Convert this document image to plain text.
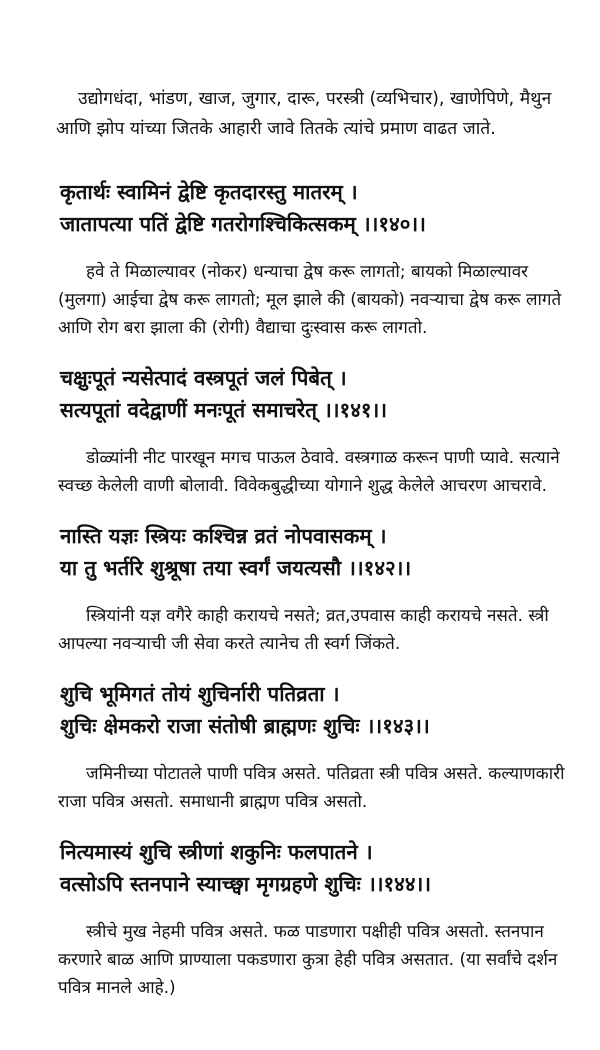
उद्योगधंदा, भांडण, खाज, जुगार, दारू, परस्त्री (व्यभिचार), खाणेपिणे, मैथुन आणि झोप यांच्या जितके आहारी जावे तितके त्यांचे प्रमाण वाढत जाते.

कृतार्थः स्वामिनं द्वेष्टि कृतदारस्तु मातरम् ।
जातापत्या पतिं द्वेष्टि गतरोगश्चिकित्सकम् ।।१४०।।

हवे ते मिळाल्यावर (नोकर) धन्याचा द्वेष करू लागतो; बायको मिळाल्यावर (मुलगा) आईचा द्वेष करू लागतो; मूल झाले की (बायको) नवऱ्याचा द्वेष करू लागते आणि रोग बरा झाला की (रोगी) वैद्याचा दुःस्वास करू लागतो.

चक्षुःपूतं न्यसेत्पादं वस्त्रपूतं जलं पिबेत् ।
सत्यपूतां वदेद्वाणीं मनःपूतं समाचरेत् ।।१४१।।

डोळ्यांनी नीट पारखून मगच पाऊल ठेवावे. वस्त्रगाळ करून पाणी प्यावे. सत्याने स्वच्छ केलेली वाणी बोलावी. विवेकबुद्धीच्या योगाने शुद्ध केलेले आचरण आचरावे.

नास्ति यज्ञः स्त्रियः कश्चिन्न व्रतं नोपवासकम् ।
या तु भर्तरि शुश्रूषा तया स्वर्गं जयत्यसौ ।।१४२।।

स्त्रियांनी यज्ञ वगैरे काही करायचे नसते; व्रत,उपवास काही करायचे नसते. स्त्री आपल्या नवऱ्याची जी सेवा करते त्यानेच ती स्वर्ग जिंकते.

शुचि भूमिगतं तोयं शुचिर्नारी पतिव्रता ।
शुचिः क्षेमकरो राजा संतोषी ब्राह्मणः शुचिः ।।१४३।।

जमिनीच्या पोटातले पाणी पवित्र असते. पतिव्रता स्त्री पवित्र असते. कल्याणकारी राजा पवित्र असतो. समाधानी ब्राह्मण पवित्र असतो.

नित्यमास्यं शुचि स्त्रीणां शकुनिः फलपातने ।
वत्सोऽपि स्तनपाने स्याच्छ्वा मृगग्रहणे शुचिः ।।१४४।।

स्त्रीचे मुख नेहमी पवित्र असते. फळ पाडणारा पक्षीही पवित्र असतो. स्तनपान करणारे बाळ आणि प्राण्याला पकडणारा कुत्रा हेही पवित्र असतात. (या सर्वांचे दर्शन पवित्र मानले आहे.)
